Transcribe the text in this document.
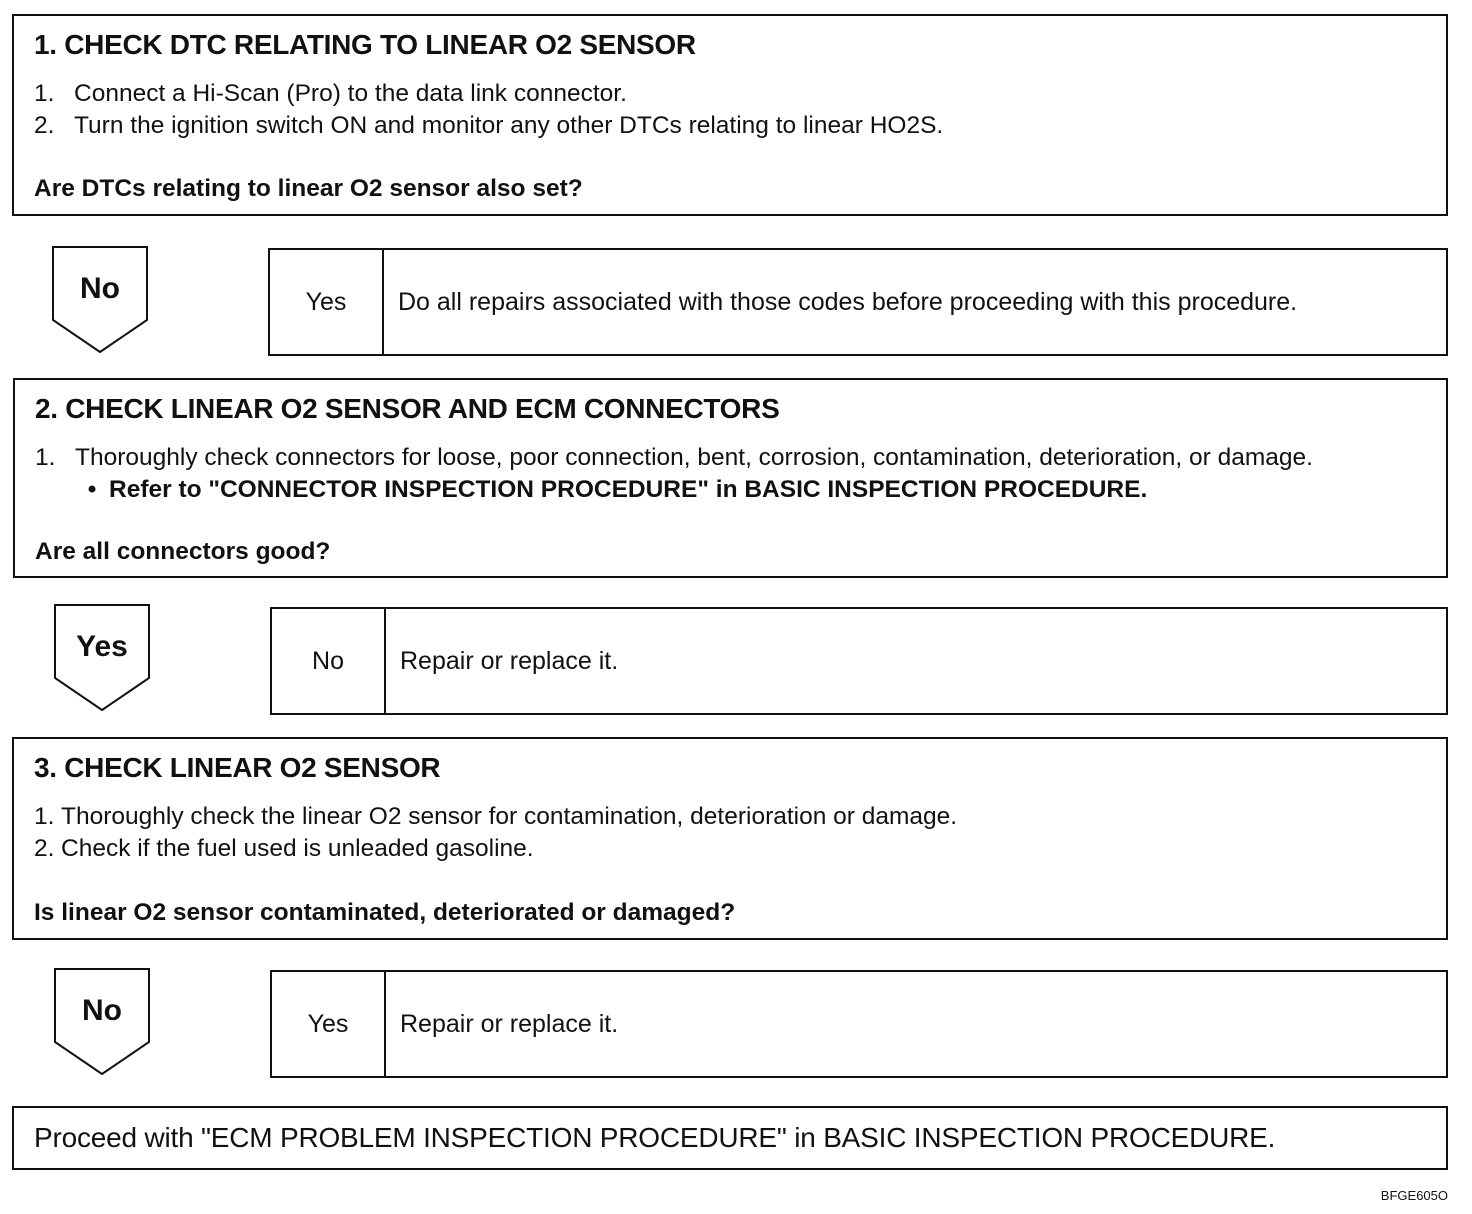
1. CHECK DTC RELATING TO LINEAR O2 SENSOR
1. Connect a Hi-Scan (Pro) to the data link connector.
2. Turn the ignition switch ON and monitor any other DTCs relating to linear HO2S.
Are DTCs relating to linear O2 sensor also set?
No	Yes	Do all repairs associated with those codes before proceeding with this procedure.
2. CHECK LINEAR O2 SENSOR AND ECM CONNECTORS
1. Thoroughly check connectors for loose, poor connection, bent, corrosion, contamination, deterioration, or damage.
• Refer to "CONNECTOR INSPECTION PROCEDURE" in BASIC INSPECTION PROCEDURE.
Are all connectors good?
Yes	No	Repair or replace it.
3. CHECK LINEAR O2 SENSOR
1. Thoroughly check the linear O2 sensor for contamination, deterioration or damage.
2. Check if the fuel used is unleaded gasoline.
Is linear O2 sensor contaminated, deteriorated or damaged?
No	Yes	Repair or replace it.
Proceed with "ECM PROBLEM INSPECTION PROCEDURE" in BASIC INSPECTION PROCEDURE.
BFGE605O
